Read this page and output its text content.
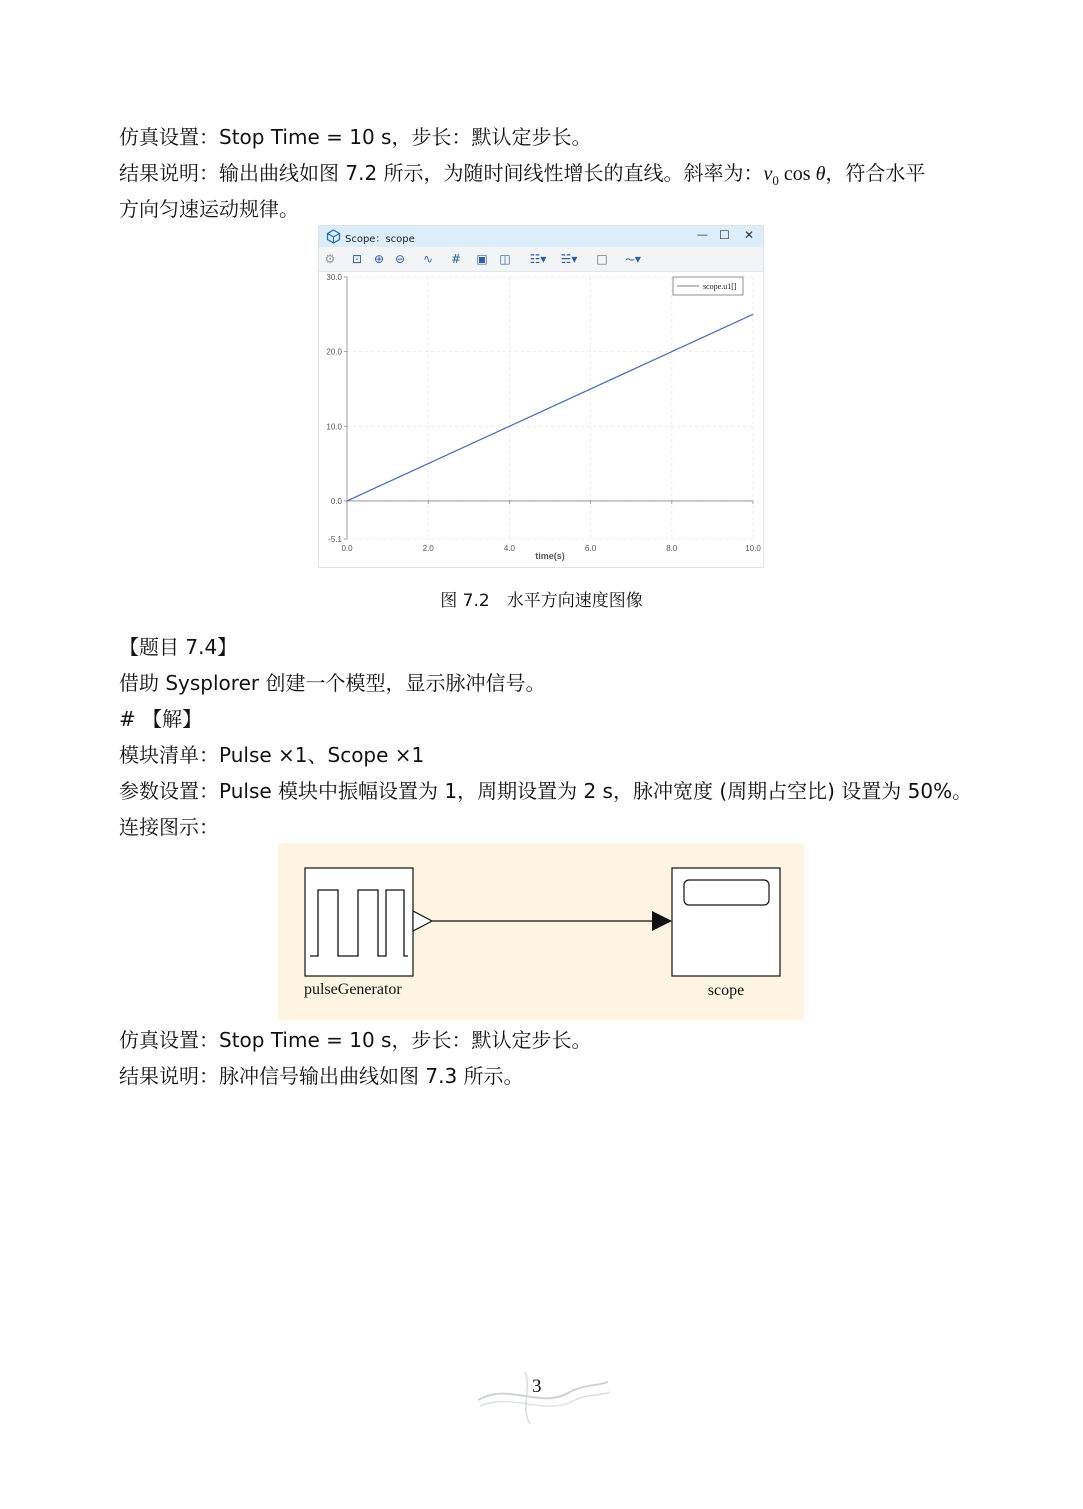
仿真设置：Stop Time = 10 s，步长：默认定步长。
结果说明：输出曲线如图 7.2 所示，为随时间线性增长的直线。斜率为：$v_0$ cos θ，符合水平
方向匀速运动规律。
Scope：scope	— ☐ ✕
⚙ ⊡ ⊕ ⊖ ∿ # ▣ ◫ ☷▾ ☵▾ □	⏦▾
0.0	2.0	4.0	6.0	8.0	10.0
-5.1
0.0
10.0
20.0
30.0
time(s)
scope.u1[]
图 7.2　水平方向速度图像
【题目 7.4】
借助 Sysplorer 创建一个模型，显示脉冲信号。
# 【解】
模块清单：Pulse ×1、Scope ×1
参数设置：Pulse 模块中振幅设置为 1，周期设置为 2 s，脉冲宽度 (周期占空比) 设置为 50%。
连接图示：
pulseGenerator	scope
仿真设置：Stop Time = 10 s，步长：默认定步长。
结果说明：脉冲信号输出曲线如图 7.3 所示。
3
